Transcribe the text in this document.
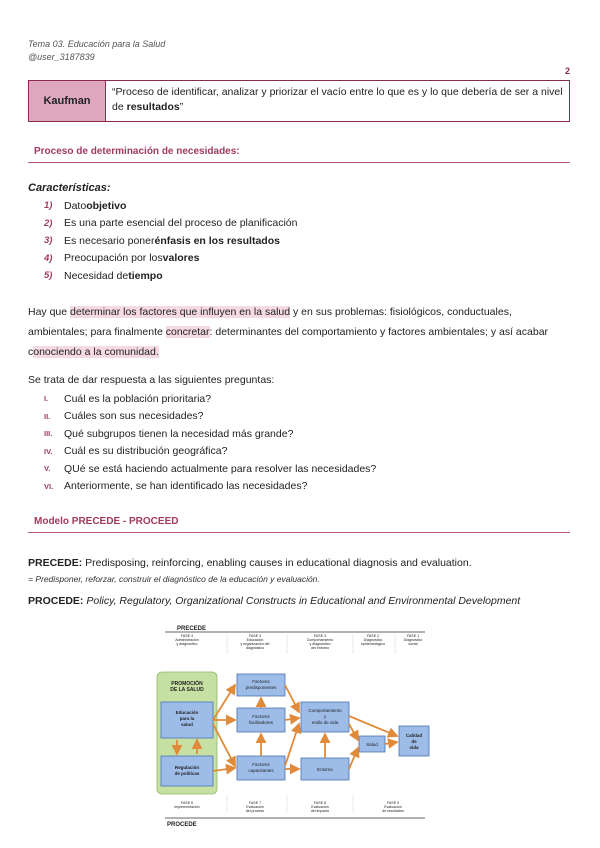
Tema 03. Educación para la Salud
@user_3187839
2
Kaufman
“Proceso de identificar, analizar y priorizar el vacío entre lo que es y lo que debería de ser a nivel de resultados”
Proceso de determinación de necesidades:
Características:
1)	Dato objetivo
2)	Es una parte esencial del proceso de planificación
3)	Es necesario poner énfasis en los resultados
4)	Preocupación por los valores
5)	Necesidad de tiempo
Hay que determinar los factores que influyen en la salud y en sus problemas: fisiológicos, conductuales, ambientales; para finalmente concretar: determinantes del comportamiento y factores ambientales; y así acabar conociendo a la comunidad.
Se trata de dar respuesta a las siguientes preguntas:
I.	Cuál es la población prioritaria?
II.	Cuáles son sus necesidades?
III.	Qué subgrupos tienen la necesidad más grande?
IV.	Cuál es su distribución geográfica?
V.	QUé se está haciendo actualmente para resolver las necesidades?
VI.	Anteriormente, se han identificado las necesidades?
Modelo PRECEDE - PROCEED
PRECEDE: Predisposing, reinforcing, enabling causes in educational diagnosis and evaluation.
= Predisponer, reforzar, construir el diagnóstico de la educación y evaluación.
PROCEDE: Policy, Regulatory, Organizational Constructs in Educational and Environmental Development
PRECEDE
FASE 4
Administración
y diagnóstico
FASE 4
Educación
y organización del
diagnóstico
FASE 3
Comportamiento
y diagnóstico
del entorno
FASE 2
Diagnóstico
epidemiológico
FASE 1
Diagnóstico
social
PROMOCIÓN
DE LA SALUD
Educación
para la
salud
Regulación
de políticas
Factores
predisponentes
Factores
facilitadores
Factores
capacitantes
Comportamiento
y
estilo de vida
Entorno
Salud
Calidad
de
vida
FASE 6
Implementación
FASE 7
Evaluación
del proceso
FASE 8
Evaluación
del impacto
FASE 9
Evaluación
de resultados
PROCEDE
